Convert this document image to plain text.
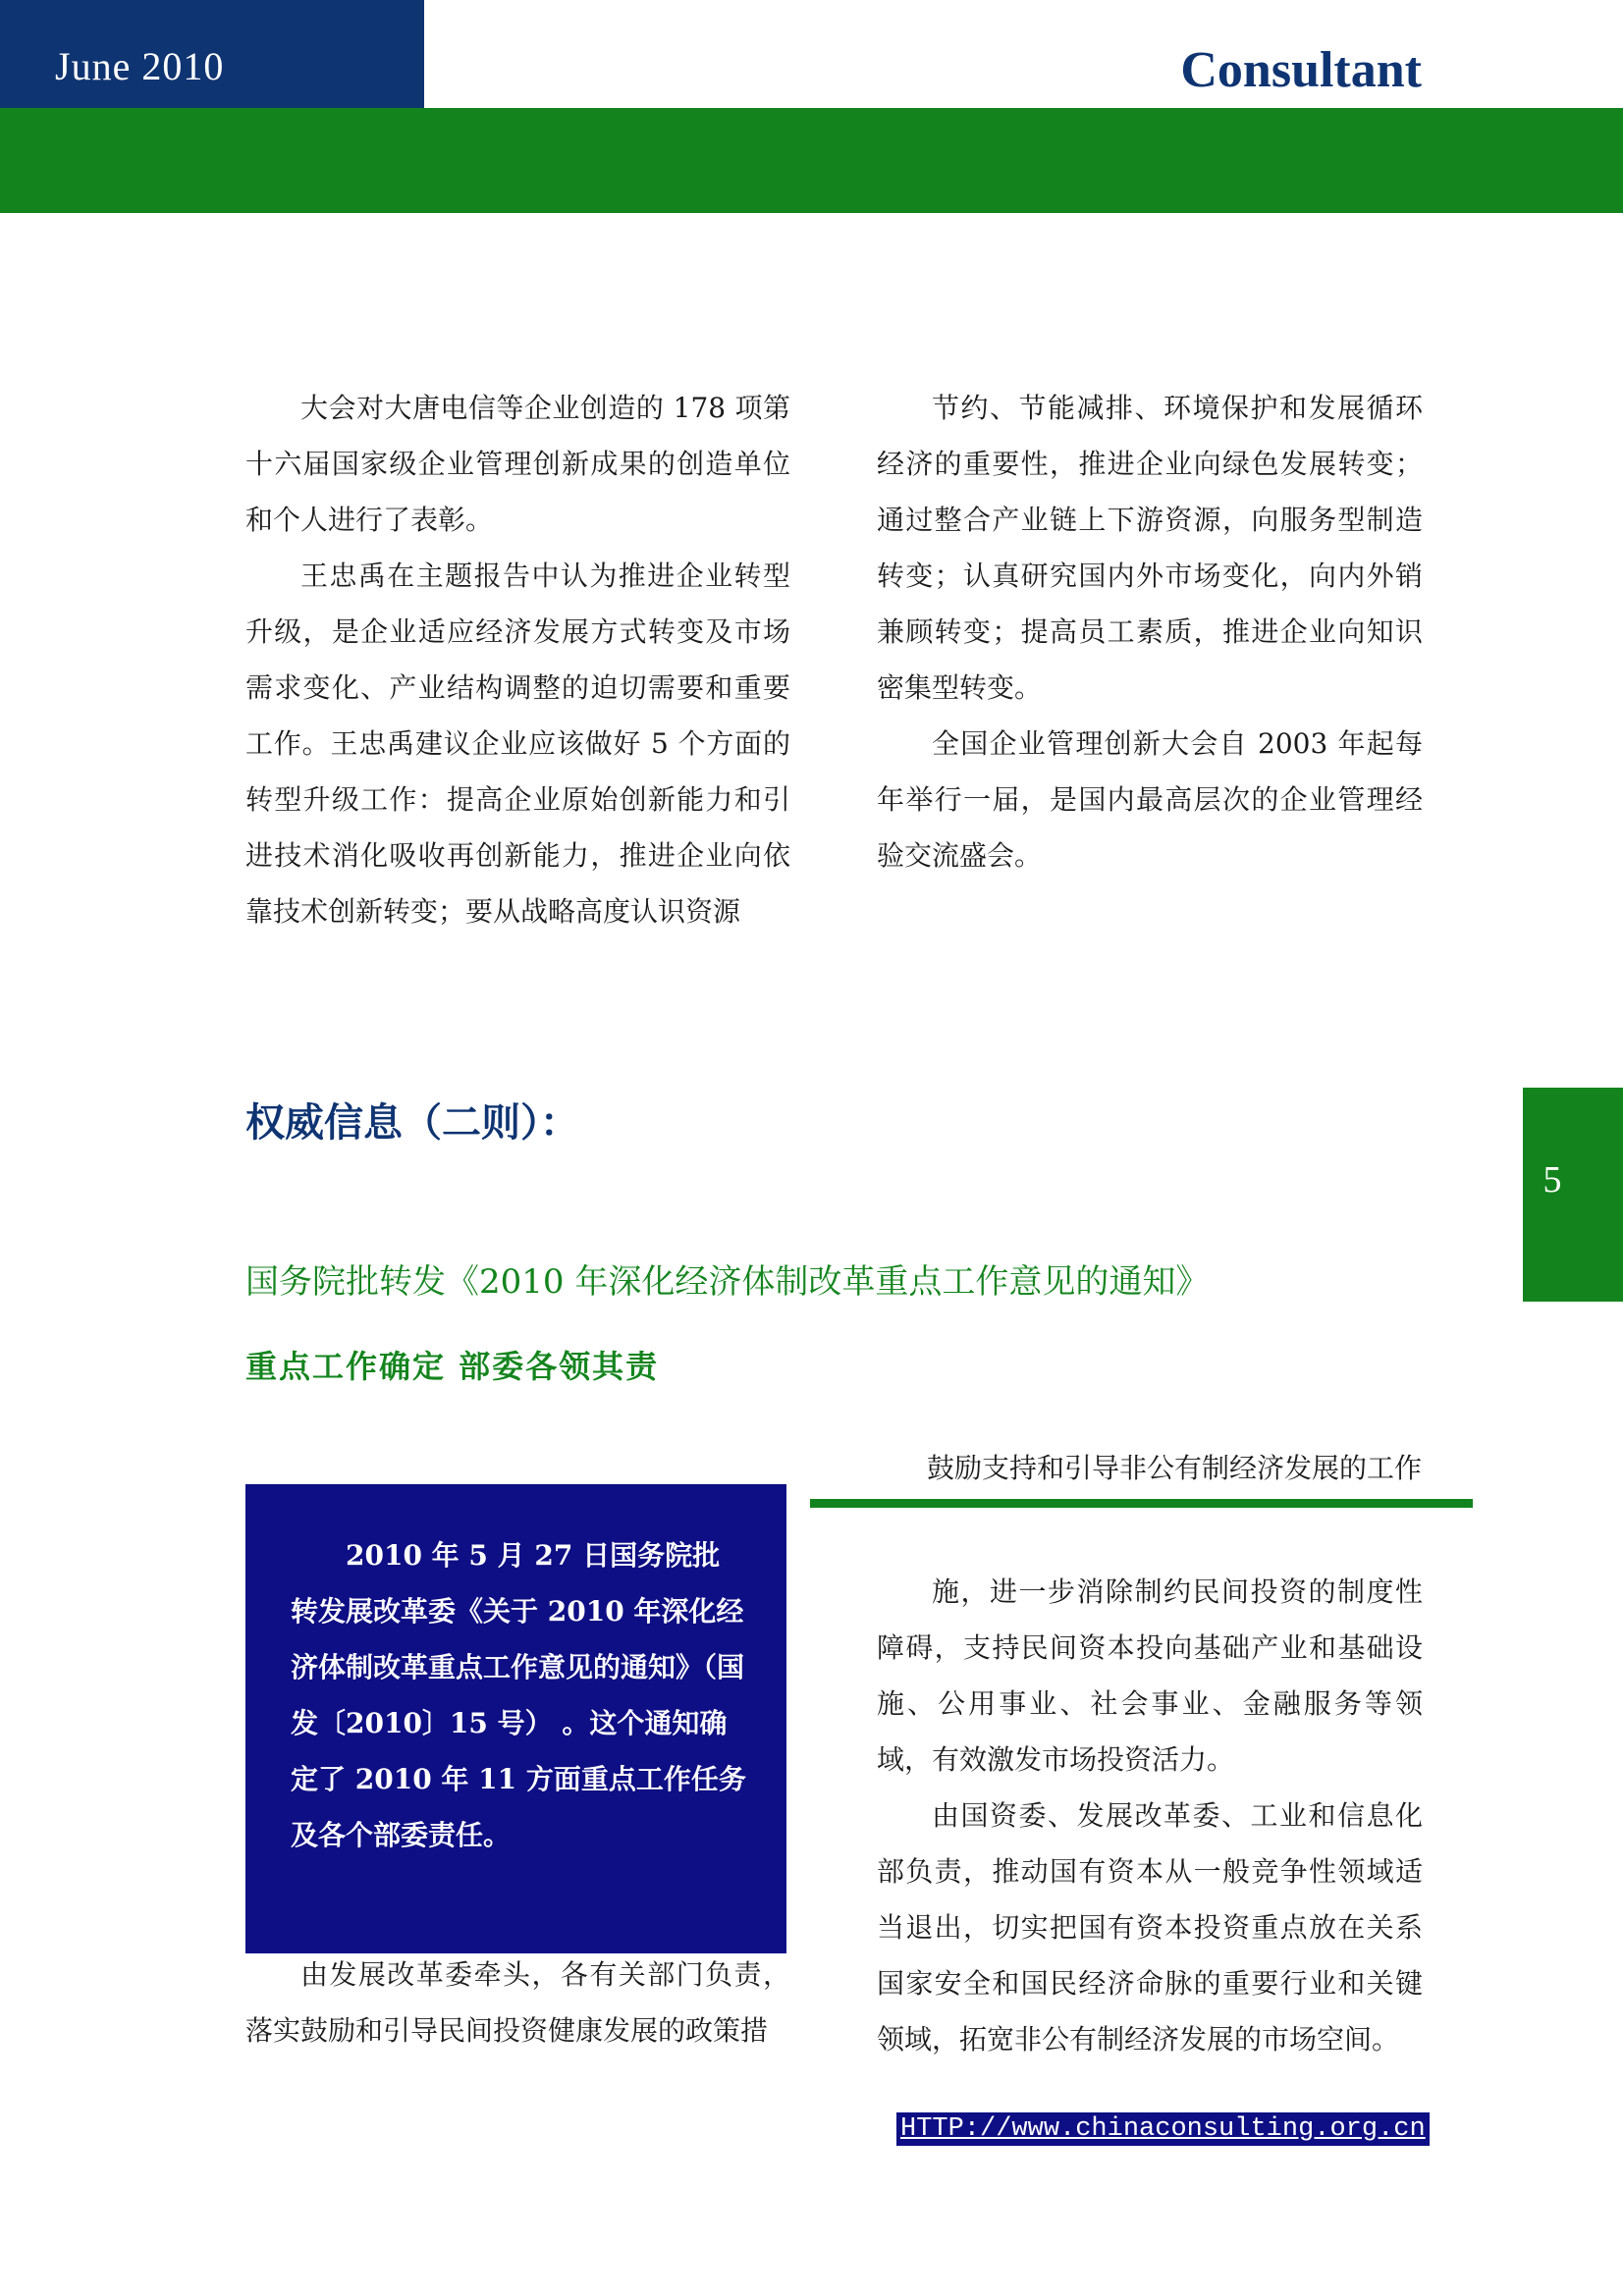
June 2010	Consultant

大会对大唐电信等企业创造的 178 项第十六届国家级企业管理创新成果的创造单位和个人进行了表彰。

王忠禹在主题报告中认为推进企业转型升级，是企业适应经济发展方式转变及市场需求变化、产业结构调整的迫切需要和重要工作。王忠禹建议企业应该做好 5 个方面的转型升级工作：提高企业原始创新能力和引进技术消化吸收再创新能力，推进企业向依靠技术创新转变；要从战略高度认识资源

节约、节能减排、环境保护和发展循环经济的重要性，推进企业向绿色发展转变；通过整合产业链上下游资源，向服务型制造转变；认真研究国内外市场变化，向内外销兼顾转变；提高员工素质，推进企业向知识密集型转变。

全国企业管理创新大会自 2003 年起每年举行一届，是国内最高层次的企业管理经验交流盛会。

权威信息（二则）：
5
国务院批转发《2010 年深化经济体制改革重点工作意见的通知》
重点工作确定 部委各领其责
鼓励支持和引导非公有制经济发展的工作

2010 年 5 月 27 日国务院批转发展改革委《关于 2010 年深化经济体制改革重点工作意见的通知》（国发〔2010〕15 号） 。这个通知确定了 2010 年 11 方面重点工作任务及各个部委责任。

由发展改革委牵头，各有关部门负责，落实鼓励和引导民间投资健康发展的政策措

施，进一步消除制约民间投资的制度性障碍，支持民间资本投向基础产业和基础设施、公用事业、社会事业、金融服务等领域，有效激发市场投资活力。

由国资委、发展改革委、工业和信息化部负责，推动国有资本从一般竞争性领域适当退出，切实把国有资本投资重点放在关系国家安全和国民经济命脉的重要行业和关键领域，拓宽非公有制经济发展的市场空间。

HTTP://www.chinaconsulting.org.cn
